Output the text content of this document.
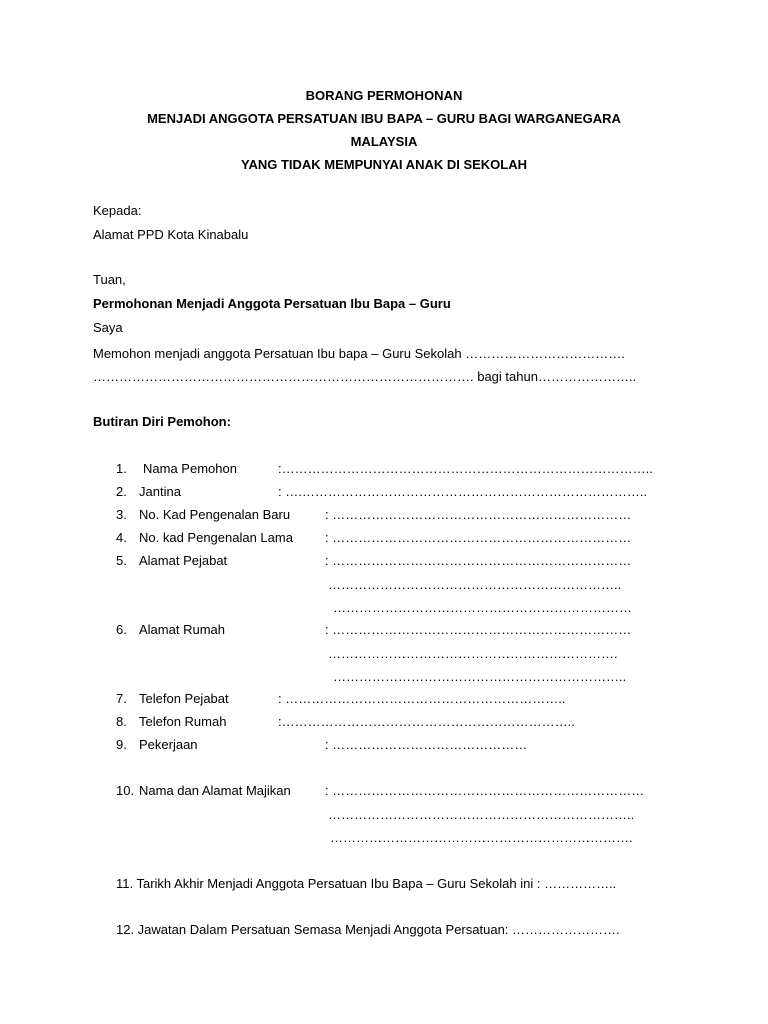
BORANG PERMOHONAN
MENJADI ANGGOTA PERSATUAN IBU BAPA – GURU BAGI WARGANEGARA
MALAYSIA
YANG TIDAK MEMPUNYAI ANAK DI SEKOLAH
Kepada:
Alamat PPD Kota Kinabalu
Tuan,
Permohonan Menjadi Anggota Persatuan Ibu Bapa – Guru
Saya
Memohon menjadi anggota Persatuan Ibu bapa – Guru Sekolah ……………………………….
……………………………………………………………………………. bagi tahun…………………..
Butiran Diri Pemohon:
1. Nama Pemohon	:…………………………………………………………………………..
2. Jantina	: ….……………………………………………………………………..
3. No. Kad Pengenalan Baru	: ……………………………………………………………
4. No. kad Pengenalan Lama : ……………………………………………………………
5. Alamat Pejabat	: ……………………………………………………………
…………………………………………………………..
……………………………………………………………
6. Alamat Rumah	: ……………………………………………………………
………………………………………………………….
…………………………………………………………..
7. Telefon Pejabat	: ………………………………………………………..
8. Telefon Rumah	:…………………………………………………………..
9. Pekerjaan	: ………………………………………
10. Nama dan Alamat Majikan	: ………………………………………………………………
……………………………………………………………..
…………………………………………………………….
11. Tarikh Akhir Menjadi Anggota Persatuan Ibu Bapa – Guru Sekolah ini : ……………..
12. Jawatan Dalam Persatuan Semasa Menjadi Anggota Persatuan: …………………….
